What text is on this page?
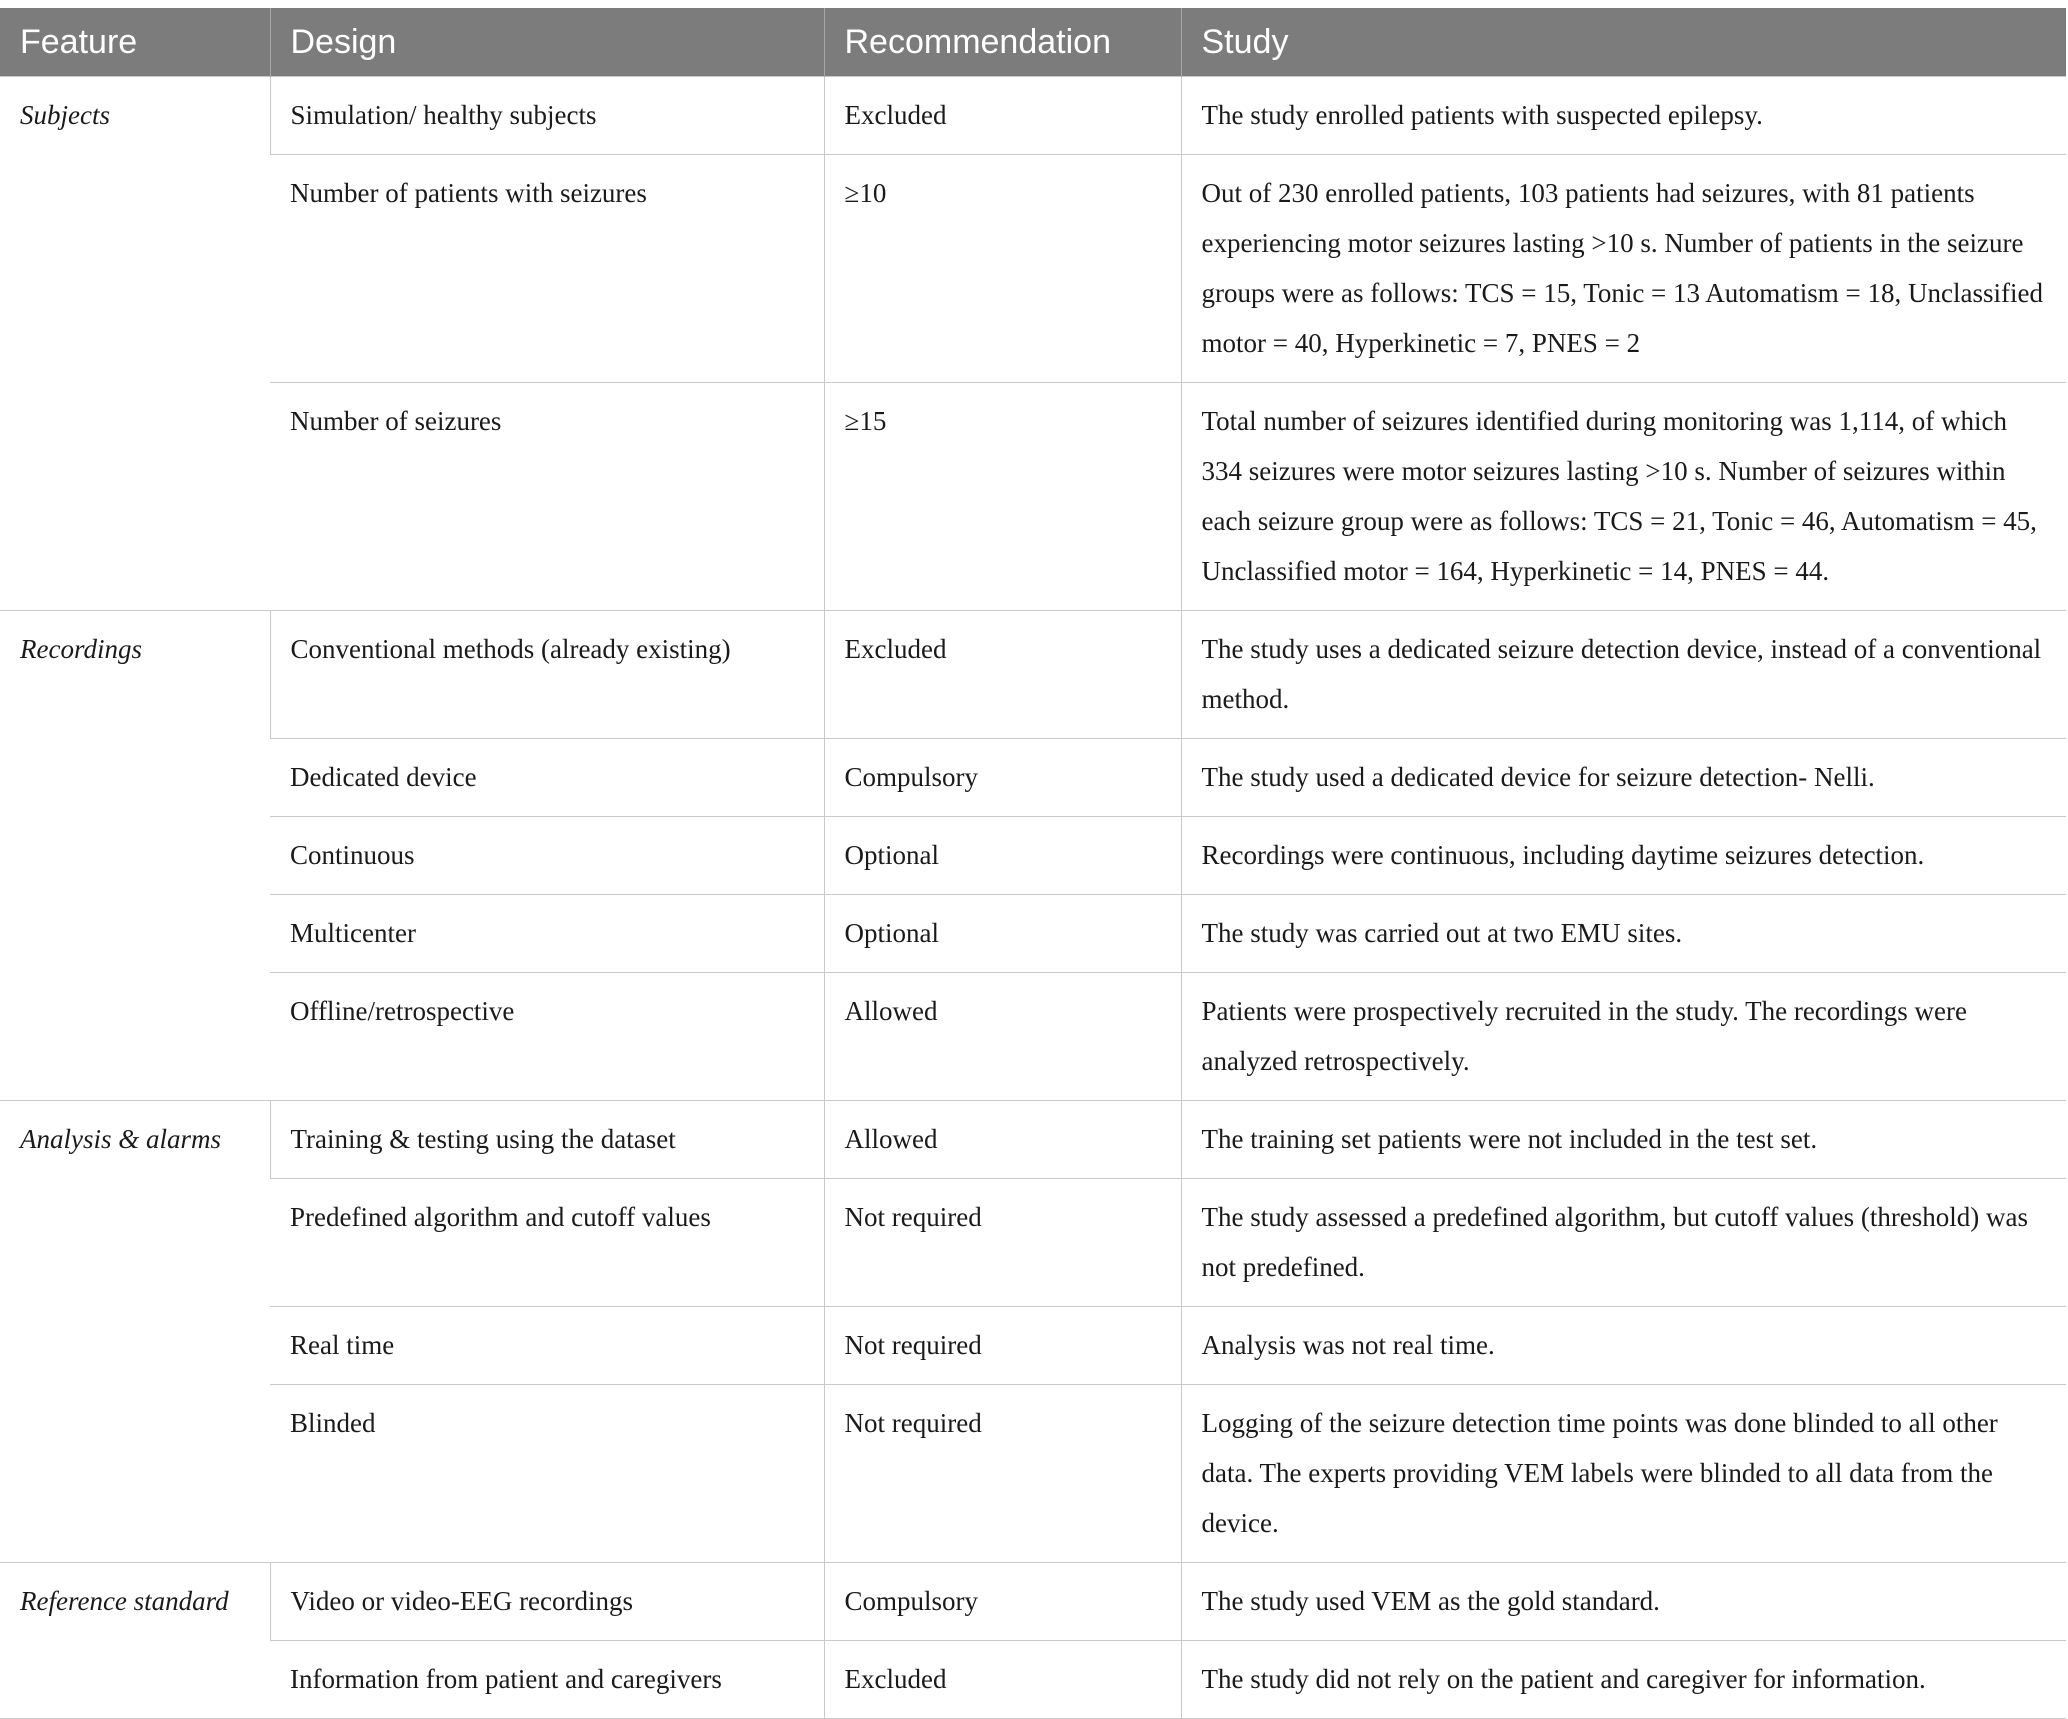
Feature	Design	Recommendation	Study
Subjects	Simulation/ healthy subjects	Excluded	The study enrolled patients with suspected epilepsy.
	Number of patients with seizures	≥10	Out of 230 enrolled patients, 103 patients had seizures, with 81 patients experiencing motor seizures lasting >10 s. Number of patients in the seizure groups were as follows: TCS = 15, Tonic = 13 Automatism = 18, Unclassified motor = 40, Hyperkinetic = 7, PNES = 2
	Number of seizures	≥15	Total number of seizures identified during monitoring was 1,114, of which 334 seizures were motor seizures lasting >10 s. Number of seizures within each seizure group were as follows: TCS = 21, Tonic = 46, Automatism = 45, Unclassified motor = 164, Hyperkinetic = 14, PNES = 44.
Recordings	Conventional methods (already existing)	Excluded	The study uses a dedicated seizure detection device, instead of a conventional method.
	Dedicated device	Compulsory	The study used a dedicated device for seizure detection- Nelli.
	Continuous	Optional	Recordings were continuous, including daytime seizures detection.
	Multicenter	Optional	The study was carried out at two EMU sites.
	Offline/retrospective	Allowed	Patients were prospectively recruited in the study. The recordings were analyzed retrospectively.
Analysis & alarms	Training & testing using the dataset	Allowed	The training set patients were not included in the test set.
	Predefined algorithm and cutoff values	Not required	The study assessed a predefined algorithm, but cutoff values (threshold) was not predefined.
	Real time	Not required	Analysis was not real time.
	Blinded	Not required	Logging of the seizure detection time points was done blinded to all other data. The experts providing VEM labels were blinded to all data from the device.
Reference standard	Video or video-EEG recordings	Compulsory	The study used VEM as the gold standard.
	Information from patient and caregivers	Excluded	The study did not rely on the patient and caregiver for information.
